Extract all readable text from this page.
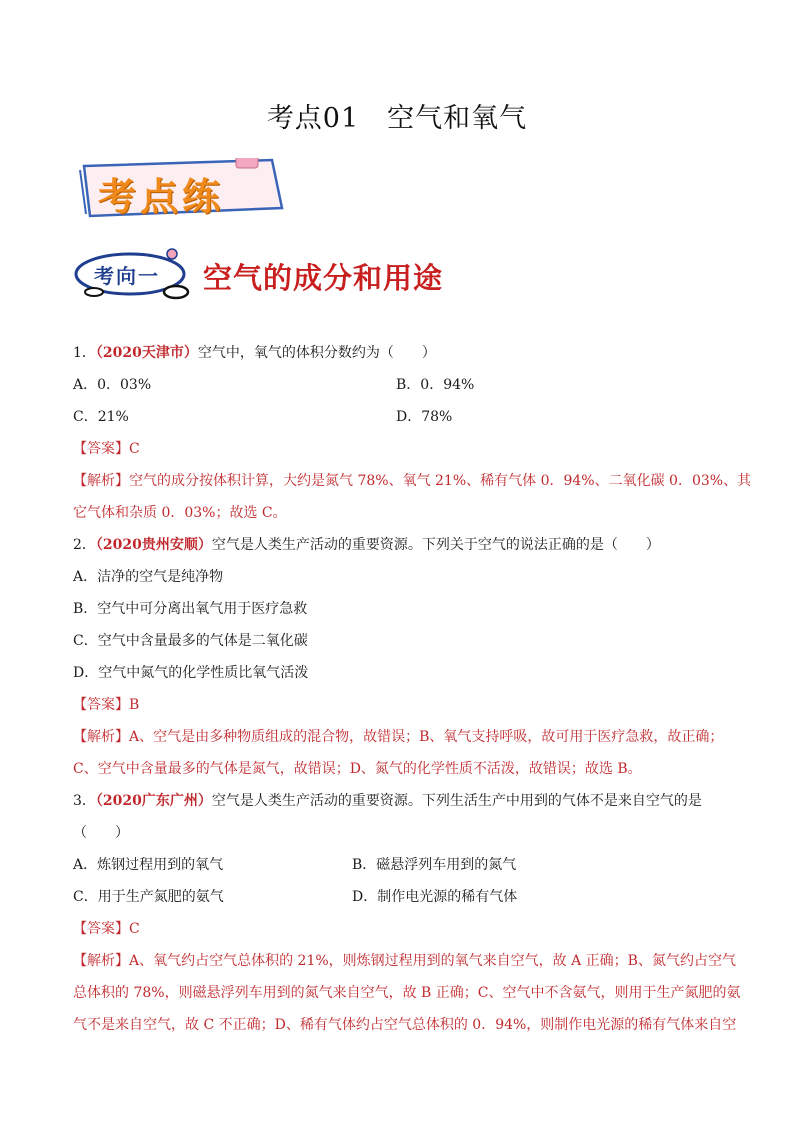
考点01 空气和氧气
考点练
考向一 空气的成分和用途
1．（2020天津市）空气中，氧气的体积分数约为（　　）
A．0．03%	B．0．94%
C．21%	D．78%
【答案】C
【解析】空气的成分按体积计算，大约是氮气 78%、氧气 21%、稀有气体 0．94%、二氧化碳 0．03%、其
它气体和杂质 0．03%；故选 C。
2．（2020贵州安顺）空气是人类生产活动的重要资源。下列关于空气的说法正确的是（　　）
A．洁净的空气是纯净物
B．空气中可分离出氧气用于医疗急救
C．空气中含量最多的气体是二氧化碳
D．空气中氮气的化学性质比氧气活泼
【答案】B
【解析】A、空气是由多种物质组成的混合物，故错误；B、氧气支持呼吸，故可用于医疗急救，故正确；
C、空气中含量最多的气体是氮气，故错误；D、氮气的化学性质不活泼，故错误；故选 B。
3．（2020广东广州）空气是人类生产活动的重要资源。下列生活生产中用到的气体不是来自空气的是
（　　）
A．炼钢过程用到的氧气	B．磁悬浮列车用到的氮气
C．用于生产氮肥的氨气	D．制作电光源的稀有气体
【答案】C
【解析】A、氧气约占空气总体积的 21%，则炼钢过程用到的氧气来自空气，故 A 正确；B、氮气约占空气
总体积的 78%，则磁悬浮列车用到的氮气来自空气，故 B 正确；C、空气中不含氨气，则用于生产氮肥的氨
气不是来自空气，故 C 不正确；D、稀有气体约占空气总体积的 0．94%，则制作电光源的稀有气体来自空
